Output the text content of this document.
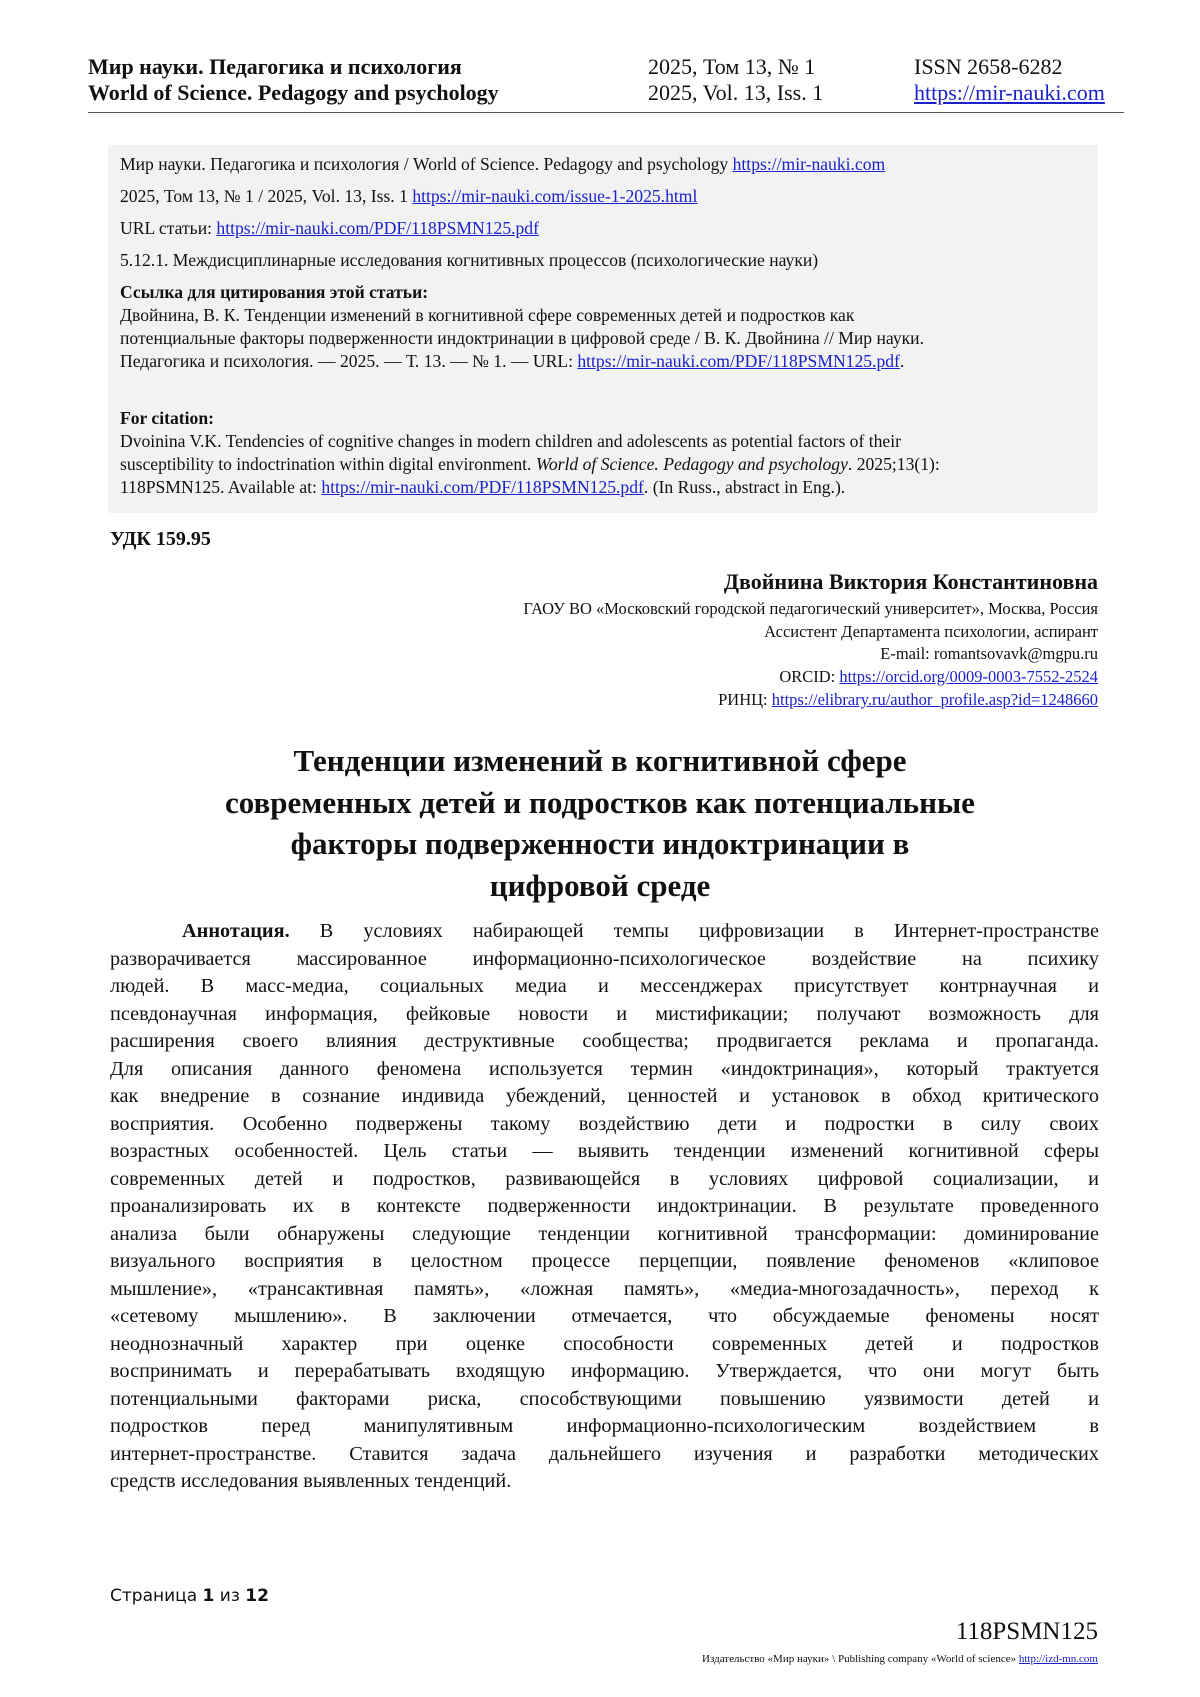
Мир науки. Педагогика и психология
World of Science. Pedagogy and psychology
2025, Том 13, № 1
2025, Vol. 13, Iss. 1
ISSN 2658-6282
https://mir-nauki.com
Мир науки. Педагогика и психология / World of Science. Pedagogy and psychology https://mir-nauki.com
2025, Том 13, № 1 / 2025, Vol. 13, Iss. 1 https://mir-nauki.com/issue-1-2025.html
URL статьи: https://mir-nauki.com/PDF/118PSMN125.pdf
5.12.1. Междисциплинарные исследования когнитивных процессов (психологические науки)
Ссылка для цитирования этой статьи:
Двойнина, В. К. Тенденции изменений в когнитивной сфере современных детей и подростков как
потенциальные факторы подверженности индоктринации в цифровой среде / В. К. Двойнина // Мир науки.
Педагогика и психология. — 2025. — Т. 13. — № 1. — URL: https://mir-nauki.com/PDF/118PSMN125.pdf.
For citation:
Dvoinina V.K. Tendencies of cognitive changes in modern children and adolescents as potential factors of their
susceptibility to indoctrination within digital environment. World of Science. Pedagogy and psychology. 2025;13(1):
118PSMN125. Available at: https://mir-nauki.com/PDF/118PSMN125.pdf. (In Russ., abstract in Eng.).
УДК 159.95
Двойнина Виктория Константиновна
ГАОУ ВО «Московский городской педагогический университет», Москва, Россия
Ассистент Департамента психологии, аспирант
E-mail: romantsovavk@mgpu.ru
ORCID: https://orcid.org/0009-0003-7552-2524
РИНЦ: https://elibrary.ru/author_profile.asp?id=1248660
Тенденции изменений в когнитивной сфере
современных детей и подростков как потенциальные
факторы подверженности индоктринации в
цифровой среде
Аннотация. В условиях набирающей темпы цифровизации в Интернет-пространстве
разворачивается массированное информационно-психологическое воздействие на психику
людей. В масс-медиа, социальных медиа и мессенджерах присутствует контрнаучная и
псевдонаучная информация, фейковые новости и мистификации; получают возможность для
расширения своего влияния деструктивные сообщества; продвигается реклама и пропаганда.
Для описания данного феномена используется термин «индоктринация», который трактуется
как внедрение в сознание индивида убеждений, ценностей и установок в обход критического
восприятия. Особенно подвержены такому воздействию дети и подростки в силу своих
возрастных особенностей. Цель статьи — выявить тенденции изменений когнитивной сферы
современных детей и подростков, развивающейся в условиях цифровой социализации, и
проанализировать их в контексте подверженности индоктринации. В результате проведенного
анализа были обнаружены следующие тенденции когнитивной трансформации: доминирование
визуального восприятия в целостном процессе перцепции, появление феноменов «клиповое
мышление», «трансактивная память», «ложная память», «медиа-многозадачность», переход к
«сетевому мышлению». В заключении отмечается, что обсуждаемые феномены носят
неоднозначный характер при оценке способности современных детей и подростков
воспринимать и перерабатывать входящую информацию. Утверждается, что они могут быть
потенциальными факторами риска, способствующими повышению уязвимости детей и
подростков перед манипулятивным информационно-психологическим воздействием в
интернет-пространстве. Ставится задача дальнейшего изучения и разработки методических
средств исследования выявленных тенденций.
Страница 1 из 12
118PSMN125
Издательство «Мир науки» \ Publishing company «World of science» http://izd-mn.com
